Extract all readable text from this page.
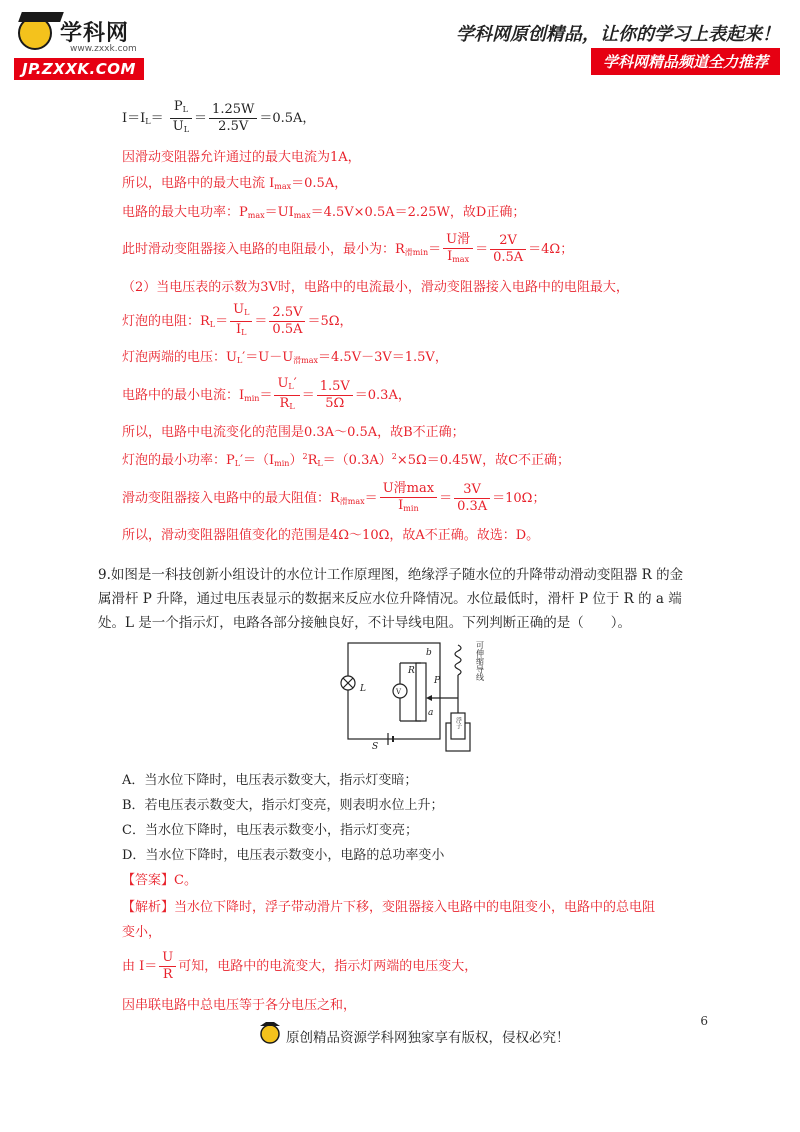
学科网
www.zxxk.com
JP.ZXXK.COM
学科网原创精品，让你的学习上表起来！
学科网精品频道全力推荐
$I=I_L= \frac{P_L}{U_L} = \frac{1.25W}{2.5V} =0.5A$，
因滑动变阻器允许通过的最大电流为1A，
所以，电路中的最大电流 $I_{max}=0.5A$，
电路的最大电功率：$P_{max}=UI_{max}=4.5V\times 0.5A=2.25W$，故D正确；
此时滑动变阻器接入电路的电阻最小，最小为：$R_{滑min}= \frac{\text{U滑}}{I_{max}} = \frac{2V}{0.5A} =4\Omega$；
（2）当电压表的示数为3V时，电路中的电流最小，滑动变阻器接入电路中的电阻最大，
灯泡的电阻：$R_L= \frac{U_L}{I_L} = \frac{2.5V}{0.5A} =5\Omega$，
灯泡两端的电压：$U_L'=U-U_{滑max}=4.5V-3V=1.5V$，
电路中的最小电流：$I_{min}= \frac{U_L'}{R_L} = \frac{1.5V}{5\Omega} =0.3A$，
所以，电路中电流变化的范围是0.3A～0.5A，故B不正确；
灯泡的最小功率：$P_L'=(I_{min})^2R_L=(0.3A)^2\times 5\Omega=0.45W$，故C不正确；
滑动变阻器接入电路中的最大阻值：$R_{滑max}= \frac{\text{U滑max}}{I_{min}} = \frac{3V}{0.3A} =10\Omega$；
所以，滑动变阻器阻值变化的范围是4Ω～10Ω，故A不正确。故选：D。
9.如图是一科技创新小组设计的水位计工作原理图，绝缘浮子随水位的升降带动滑动变阻器 R 的金属滑杆 P 升降，通过电压表显示的数据来反应水位升降情况。水位最低时，滑杆 P 位于 R 的 a 端处。L 是一个指示灯，电路各部分接触良好，不计导线电阻。下列判断正确的是（　　）。
L	V
R
P
a
b
S
可伸缩导线
浮子
A．当水位下降时，电压表示数变大，指示灯变暗；
B．若电压表示数变大，指示灯变亮，则表明水位上升；
C．当水位下降时，电压表示数变小，指示灯变亮；
D．当水位下降时，电压表示数变小，电路的总功率变小
【答案】C。
【解析】当水位下降时，浮子带动滑片下移，变阻器接入电路中的电阻变小，电路中的总电阻
变小，
由 $I= \frac{U}{R}$ 可知，电路中的电流变大，指示灯两端的电压变大，
因串联电路中总电压等于各分电压之和，
6
原创精品资源学科网独家享有版权，侵权必究！
